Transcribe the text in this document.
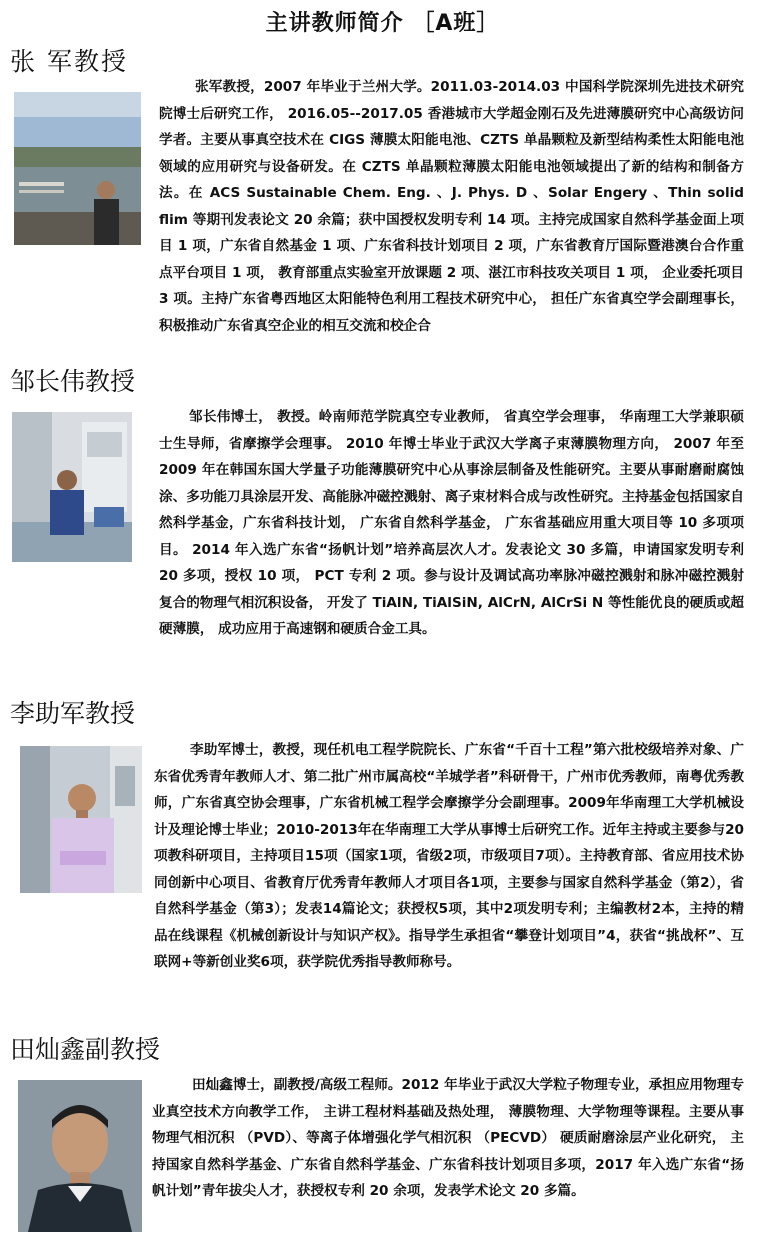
主讲教师简介 ［A班］
张 军教授
张军教授，2007 年毕业于兰州大学。2011.03-2014.03 中国科学院深圳先进技术研究院博士后研究工作， 2016.05--2017.05 香港城市大学超金刚石及先进薄膜研究中心高级访问学者。主要从事真空技术在 CIGS 薄膜太阳能电池、CZTS 单晶颗粒及新型结构柔性太阳能电池领域的应用研究与设备研发。在 CZTS 单晶颗粒薄膜太阳能电池领域提出了新的结构和制备方法。在 ACS Sustainable Chem. Eng. 、J. Phys. D 、Solar Engery 、Thin solid flim 等期刊发表论文 20 余篇；获中国授权发明专利 14 项。主持完成国家自然科学基金面上项目 1 项，广东省自然基金 1 项、广东省科技计划项目 2 项，广东省教育厅国际暨港澳台合作重点平台项目 1 项， 教育部重点实验室开放课题 2 项、湛江市科技攻关项目 1 项， 企业委托项目 3 项。主持广东省粤西地区太阳能特色利用工程技术研究中心， 担任广东省真空学会副理事长， 积极推动广东省真空企业的相互交流和校企合
邹长伟教授
邹长伟博士， 教授。岭南师范学院真空专业教师， 省真空学会理事， 华南理工大学兼职硕士生导师，省摩擦学会理事。 2010 年博士毕业于武汉大学离子束薄膜物理方向， 2007 年至 2009 年在韩国东国大学量子功能薄膜研究中心从事涂层制备及性能研究。主要从事耐磨耐腐蚀涂、多功能刀具涂层开发、高能脉冲磁控溅射、离子束材料合成与改性研究。主持基金包括国家自然科学基金，广东省科技计划， 广东省自然科学基金， 广东省基础应用重大项目等 10 多项项目。 2014 年入选广东省“扬帆计划”培养高层次人才。发表论文 30 多篇，申请国家发明专利 20 多项，授权 10 项， PCT 专利 2 项。参与设计及调试高功率脉冲磁控溅射和脉冲磁控溅射复合的物理气相沉积设备， 开发了 TiAlN, TiAlSiN, AlCrN, AlCrSi N 等性能优良的硬质或超硬薄膜， 成功应用于高速钢和硬质合金工具。
李助军教授
李助军博士，教授，现任机电工程学院院长、广东省“千百十工程”第六批校级培养对象、广东省优秀青年教师人才、第二批广州市属高校“羊城学者”科研骨干，广州市优秀教师，南粤优秀教师，广东省真空协会理事，广东省机械工程学会摩擦学分会副理事。2009年华南理工大学机械设计及理论博士毕业；2010-2013年在华南理工大学从事博士后研究工作。近年主持或主要参与20项教科研项目，主持项目15项（国家1项，省级2项，市级项目7项）。主持教育部、省应用技术协同创新中心项目、省教育厅优秀青年教师人才项目各1项，主要参与国家自然科学基金（第2），省自然科学基金（第3）；发表14篇论文；获授权5项，其中2项发明专利；主编教材2本，主持的精品在线课程《机械创新设计与知识产权》。指导学生承担省“攀登计划项目”4，获省“挑战杯”、互联网+等新创业奖6项，获学院优秀指导教师称号。
田灿鑫副教授
田灿鑫博士，副教授/高级工程师。2012 年毕业于武汉大学粒子物理专业，承担应用物理专业真空技术方向教学工作， 主讲工程材料基础及热处理， 薄膜物理、大学物理等课程。主要从事物理气相沉积 （PVD）、等离子体增强化学气相沉积 （PECVD） 硬质耐磨涂层产业化研究， 主持国家自然科学基金、广东省自然科学基金、广东省科技计划项目多项，2017 年入选广东省“扬帆计划”青年拔尖人才，获授权专利 20 余项，发表学术论文 20 多篇。
